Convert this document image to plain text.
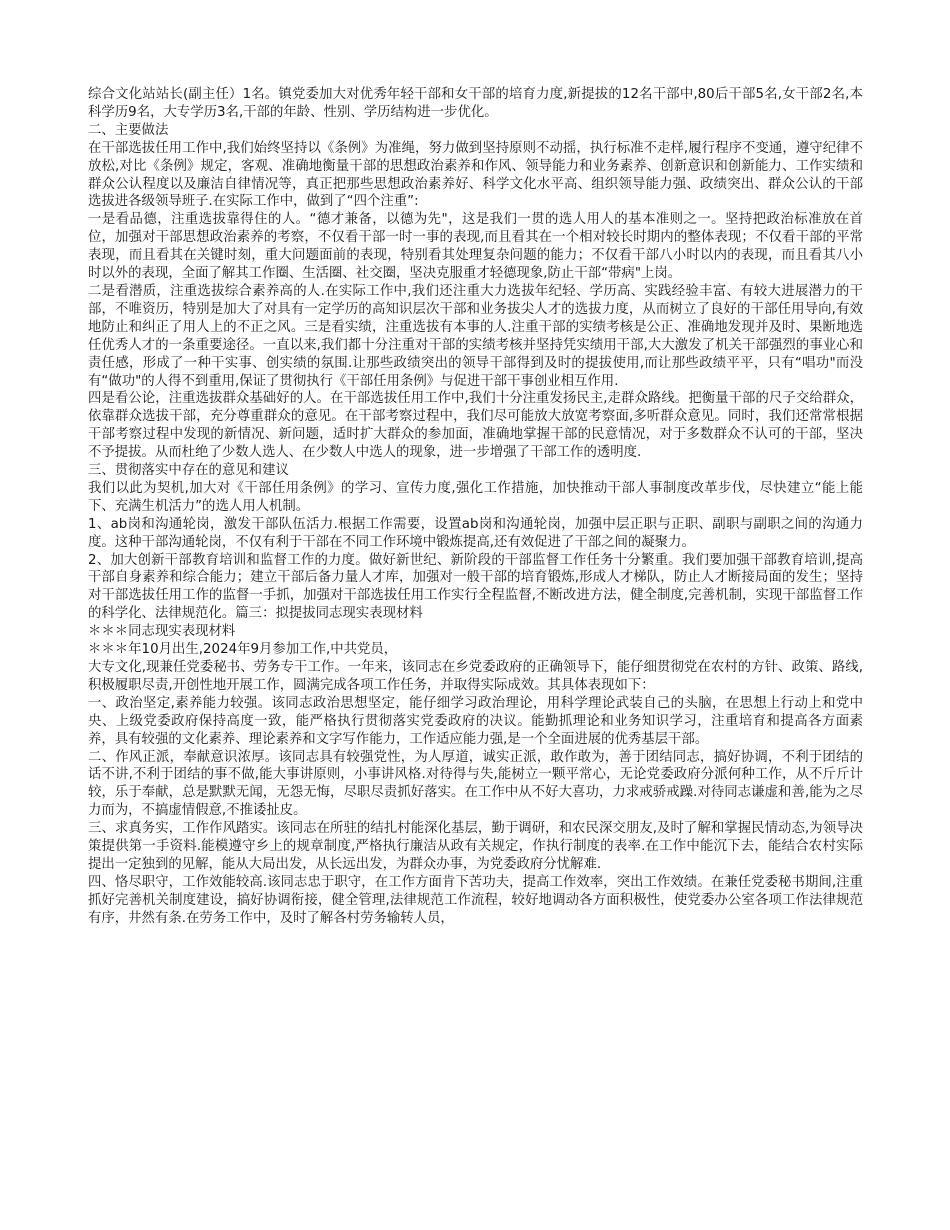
综合文化站站长(副主任）1名。镇党委加大对优秀年轻干部和女干部的培育力度,新提拔的12名干部中,80后干部5名,女干部2名,本科学历9名，大专学历3名,干部的年龄、性别、学历结构进一步优化。

二、主要做法

在干部选拔任用工作中,我们始终坚持以《条例》为准绳，努力做到坚持原则不动摇，执行标准不走样,履行程序不变通，遵守纪律不放松,对比《条例》规定，客观、准确地衡量干部的思想政治素养和作风、领导能力和业务素养、创新意识和创新能力、工作实绩和群众公认程度以及廉洁自律情况等，真正把那些思想政治素养好、科学文化水平高、组织领导能力强、政绩突出、群众公认的干部选拔进各级领导班子.在实际工作中，做到了“四个注重”:

一是看品德，注重选拔靠得住的人。“德才兼备，以德为先"，这是我们一贯的选人用人的基本准则之一。坚持把政治标准放在首位，加强对干部思想政治素养的考察，不仅看干部一时一事的表现,而且看其在一个相对较长时期内的整体表现；不仅看干部的平常表现，而且看其在关键时刻，重大问题面前的表现，特别看其处理复杂问题的能力；不仅看干部八小时以内的表现，而且看其八小时以外的表现，全面了解其工作圈、生活圈、社交圈，坚决克服重才轻德现象,防止干部“带病"上岗。

二是看潜质，注重选拔综合素养高的人.在实际工作中,我们还注重大力选拔年纪轻、学历高、实践经验丰富、有较大进展潜力的干部，不唯资历，特别是加大了对具有一定学历的高知识层次干部和业务拔尖人才的选拔力度，从而树立了良好的干部任用导向,有效地防止和纠正了用人上的不正之风。三是看实绩，注重选拔有本事的人.注重干部的实绩考核是公正、准确地发现并及时、果断地选任优秀人才的一条重要途径。一直以来,我们都十分注重对干部的实绩考核并坚持凭实绩用干部,大大激发了机关干部强烈的事业心和责任感，形成了一种干实事、创实绩的氛围.让那些政绩突出的领导干部得到及时的提拔使用,而让那些政绩平平，只有“唱功"而没有“做功"的人得不到重用,保证了贯彻执行《干部任用条例》与促进干部干事创业相互作用.

四是看公论，注重选拔群众基础好的人。在干部选拔任用工作中,我们十分注重发扬民主,走群众路线。把衡量干部的尺子交给群众，依靠群众选拔干部，充分尊重群众的意见。在干部考察过程中，我们尽可能放大放宽考察面,多听群众意见。同时，我们还常常根据干部考察过程中发现的新情况、新问题，适时扩大群众的参加面，准确地掌握干部的民意情况，对于多数群众不认可的干部，坚决不予提拔。从而杜绝了少数人选人、在少数人中选人的现象，进一步增强了干部工作的透明度.

三、贯彻落实中存在的意见和建议

我们以此为契机,加大对《干部任用条例》的学习、宣传力度,强化工作措施，加快推动干部人事制度改革步伐，尽快建立“能上能下、充满生机活力”的选人用人机制。

1、ab岗和沟通轮岗，激发干部队伍活力.根据工作需要，设置ab岗和沟通轮岗，加强中层正职与正职、副职与副职之间的沟通力度。这种干部沟通轮岗，不仅有利于干部在不同工作环境中锻炼提高,还有效促进了干部之间的凝聚力。

2、加大创新干部教育培训和监督工作的力度。做好新世纪、新阶段的干部监督工作任务十分繁重。我们要加强干部教育培训,提高干部自身素养和综合能力；建立干部后备力量人才库，加强对一般干部的培育锻炼,形成人才梯队，防止人才断接局面的发生；坚持对干部选拔任用工作的监督一手抓，加强对干部选拔任用工作实行全程监督,不断改进方法，健全制度,完善机制，实现干部监督工作的科学化、法律规范化。篇三：拟提拔同志现实表现材料

＊＊＊同志现实表现材料

＊＊＊年10月出生,2024年9月参加工作,中共党员，

大专文化,现兼任党委秘书、劳务专干工作。一年来，该同志在乡党委政府的正确领导下，能仔细贯彻党在农村的方针、政策、路线,积极履职尽责,开创性地开展工作，圆满完成各项工作任务，并取得实际成效。其具体表现如下：

一、政治坚定,素养能力较强。该同志政治思想坚定，能仔细学习政治理论，用科学理论武装自己的头脑，在思想上行动上和党中央、上级党委政府保持高度一致，能严格执行贯彻落实党委政府的决议。能勤抓理论和业务知识学习，注重培育和提高各方面素养，具有较强的文化素养、理论素养和文字写作能力，工作适应能力强,是一个全面进展的优秀基层干部。

二、作风正派，奉献意识浓厚。该同志具有较强党性，为人厚道，诚实正派，敢作敢为，善于团结同志，搞好协调，不利于团结的话不讲,不利于团结的事不做,能大事讲原则，小事讲风格.对待得与失,能树立一颗平常心，无论党委政府分派何种工作，从不斤斤计较，乐于奉献，总是默默无闻，无怨无悔，尽职尽责抓好落实。在工作中从不好大喜功，力求戒骄戒躁.对待同志谦虚和善,能为之尽力而为，不搞虚情假意,不推诿扯皮。

三、求真务实，工作作风踏实。该同志在所驻的结扎村能深化基层，勤于调研，和农民深交朋友,及时了解和掌握民情动态,为领导决策提供第一手资料.能模遵守乡上的规章制度,严格执行廉洁从政有关规定，作执行制度的表率.在工作中能沉下去，能结合农村实际提出一定独到的见解，能从大局出发，从长远出发，为群众办事，为党委政府分忧解难.

四、恪尽职守，工作效能较高.该同志忠于职守，在工作方面肯下苦功夫，提高工作效率，突出工作效绩。在兼任党委秘书期间,注重抓好完善机关制度建设，搞好协调衔接，健全管理,法律规范工作流程，较好地调动各方面积极性，使党委办公室各项工作法律规范有序，井然有条.在劳务工作中，及时了解各村劳务输转人员，
